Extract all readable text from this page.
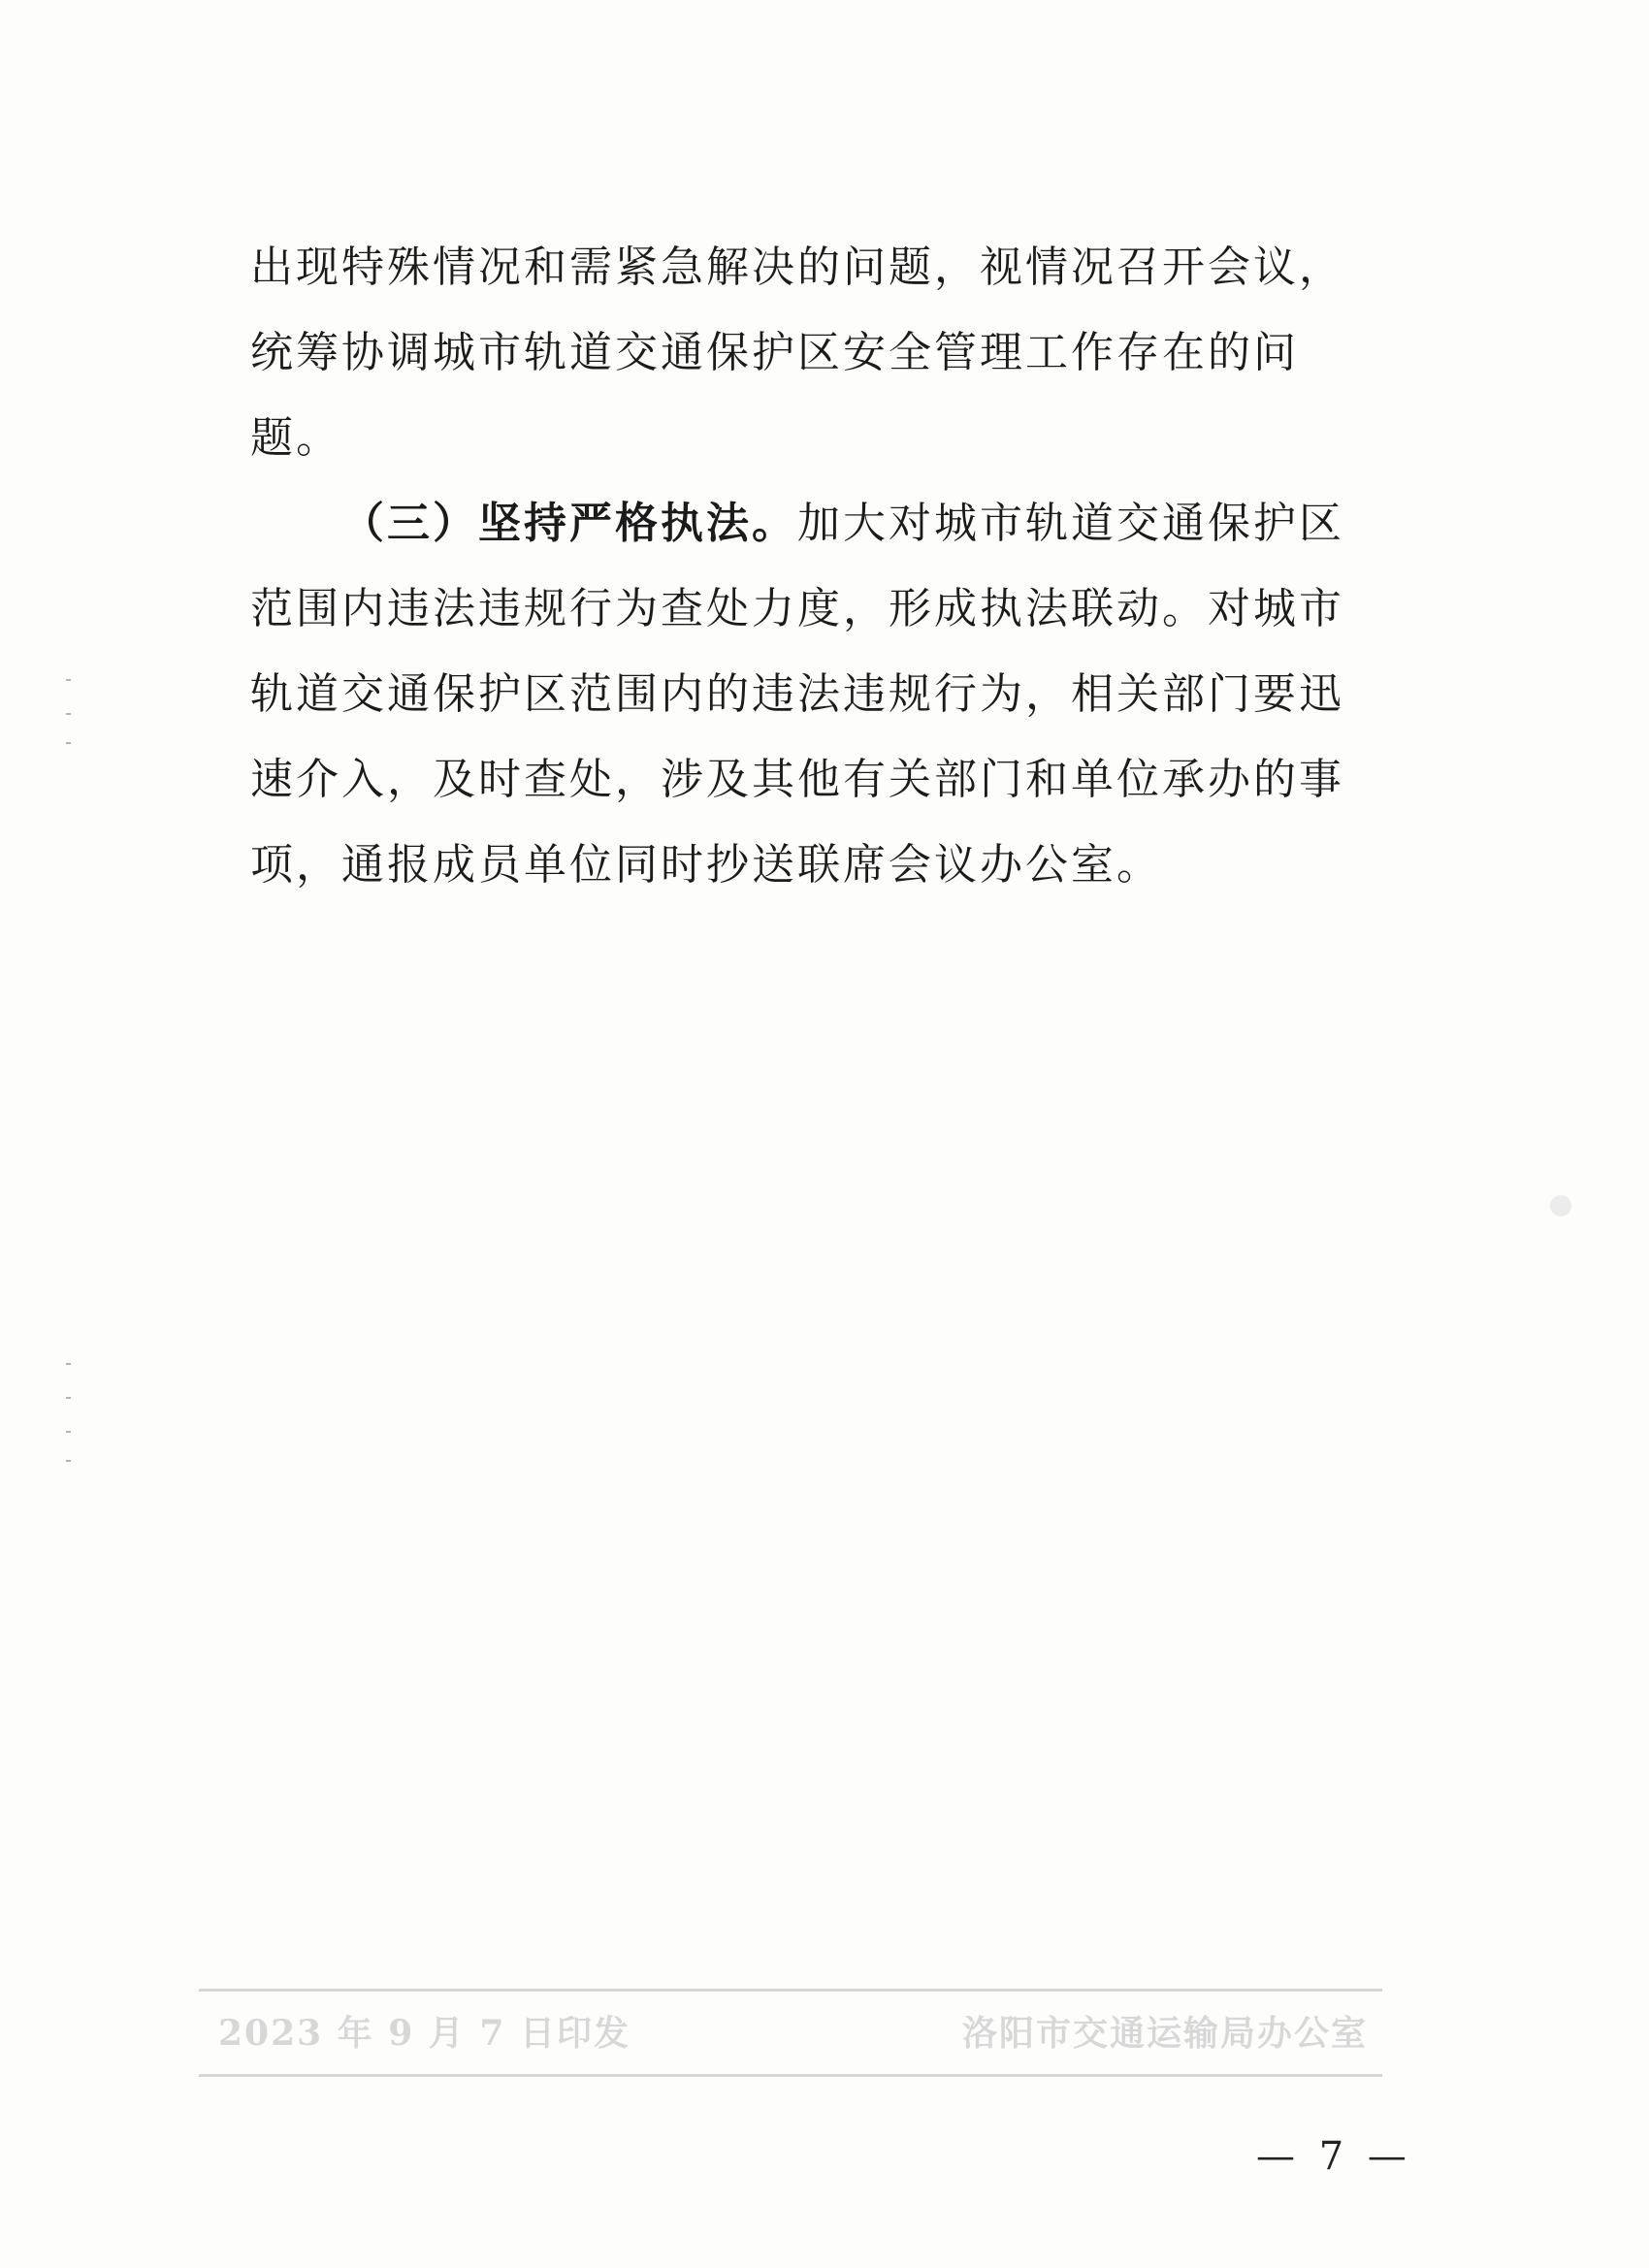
出现特殊情况和需紧急解决的问题，视情况召开会议，统筹协调城市轨道交通保护区安全管理工作存在的问题。

（三）坚持严格执法。加大对城市轨道交通保护区范围内违法违规行为查处力度，形成执法联动。对城市轨道交通保护区范围内的违法违规行为，相关部门要迅速介入，及时查处，涉及其他有关部门和单位承办的事项，通报成员单位同时抄送联席会议办公室。

2023 年 9 月 7 日印发	洛阳市交通运输局办公室
— 7 —
